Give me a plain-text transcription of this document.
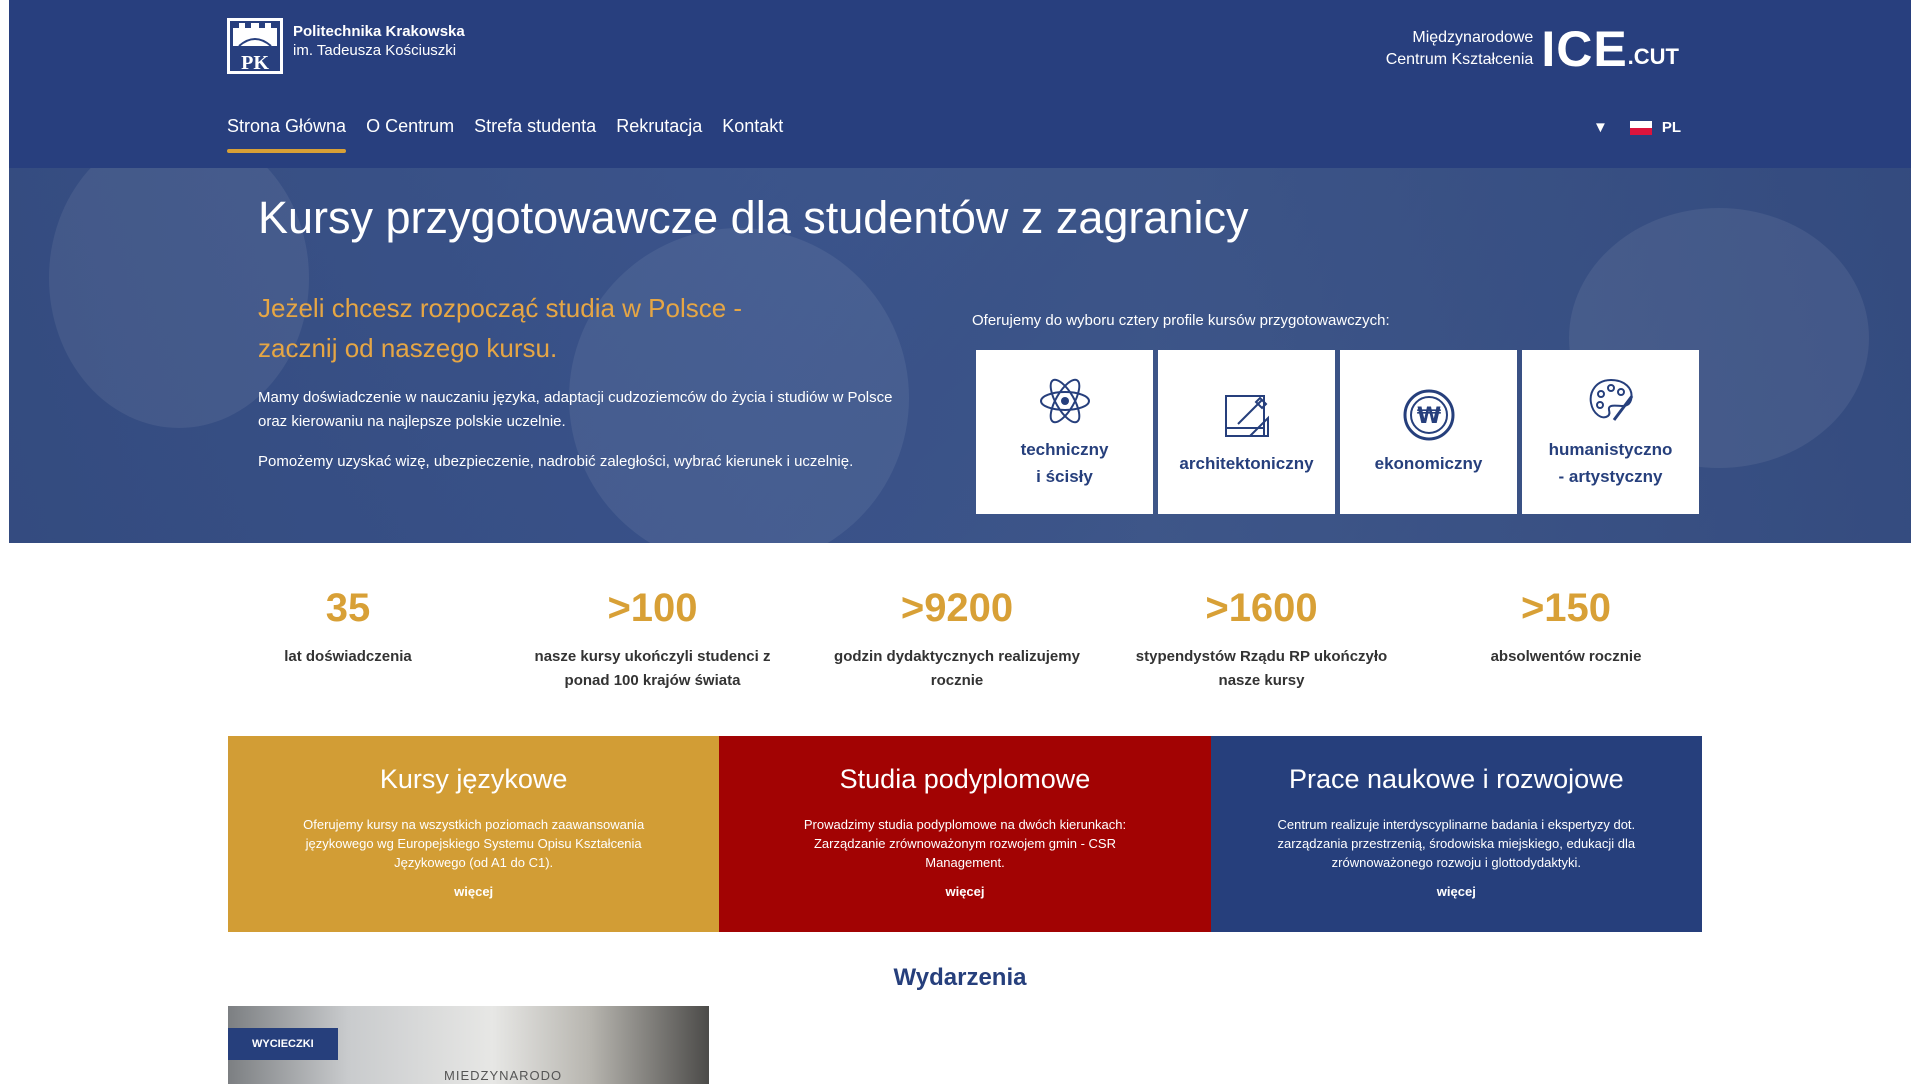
PK
Politechnika Krakowska
im. Tadeusza Kościuszki
Międzynarodowe
Centrum Kształcenia ICE .CUT
Strona Główna O Centrum Strefa studenta Rekrutacja Kontakt	▼	PL
Kursy przygotowawcze dla studentów z zagranicy

Jeżeli chcesz rozpocząć studia w Polsce - zacznij od naszego kursu.

Mamy doświadczenie w nauczaniu języka, adaptacji cudzoziemców do życia i studiów w Polsce oraz kierowaniu na najlepsze polskie uczelnie.

Pomożemy uzyskać wizę, ubezpieczenie, nadrobić zaległości, wybrać kierunek i uczelnię.

Oferujemy do wyboru cztery profile kursów przygotowawczych:
techniczny
i ścisły
architektoniczny
₩
ekonomiczny
humanistyczno
- artystyczny
35
lat doświadczenia
>100
nasze kursy ukończyli studenci z ponad 100 krajów świata
>9200
godzin dydaktycznych realizujemy rocznie
>1600
stypendystów Rządu RP ukończyło nasze kursy
>150
absolwentów rocznie
Kursy językowe

Oferujemy kursy na wszystkich poziomach zaawansowania językowego wg Europejskiego Systemu Opisu Kształcenia Językowego (od A1 do C1).

więcej
Studia podyplomowe

Prowadzimy studia podyplomowe na dwóch kierunkach: Zarządzanie zrównoważonym rozwojem gmin - CSR Management.

więcej
Prace naukowe i rozwojowe

Centrum realizuje interdyscyplinarne badania i ekspertyzy dot. zarządzania przestrzenią, środowiska miejskiego, edukacji dla zrównoważonego rozwoju i glottodydaktyki.

więcej
Wydarzenia
WYCIECZKI
MIEDZYNARODO
